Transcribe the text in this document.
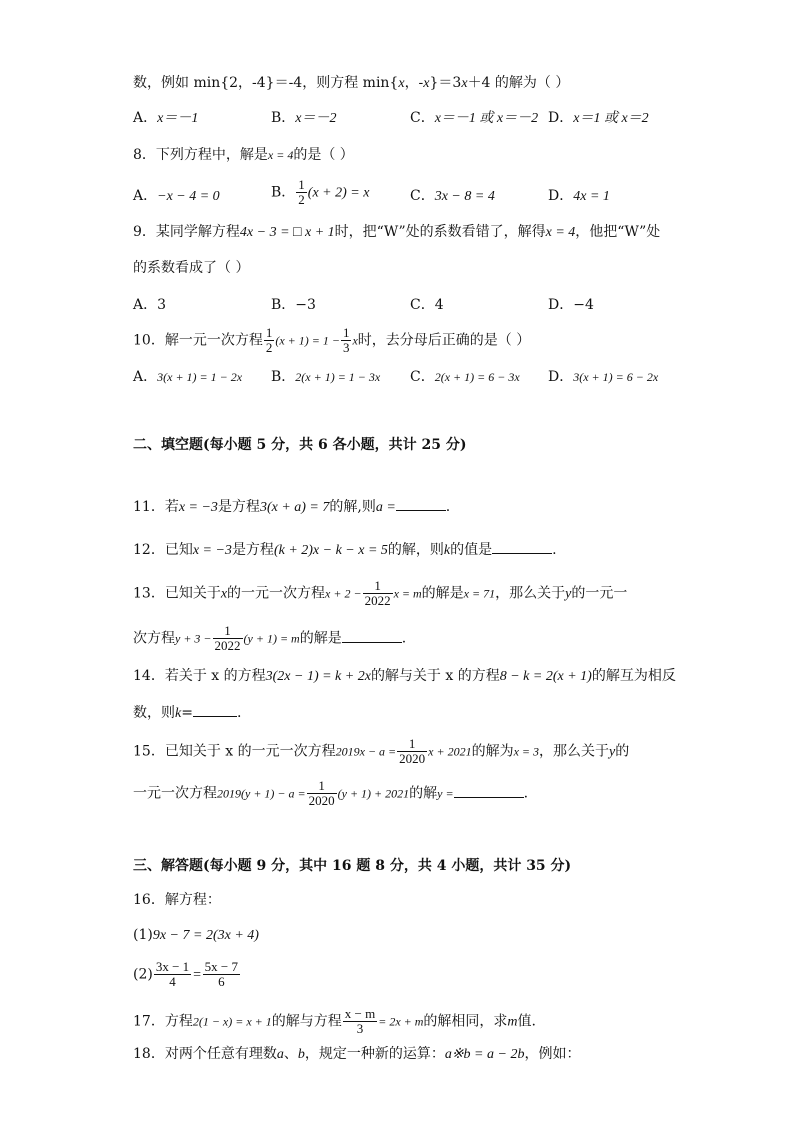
数，例如 min{2，-4}＝-4，则方程 min{x，-x}＝3x＋4 的解为（ ）
A．x＝－1	B．x＝－2	C．x＝－1 或 x＝－2 D．x＝1 或 x＝2
8．下列方程中，解是x = 4的是（ ）
A．−x − 4 = 0	B． $\frac{1}{2} (x + 2) = x$	C．3x − 8 = 4	D．4x = 1
9．某同学解方程4x − 3 = □ x + 1时，把“W”处的系数看错了，解得x = 4，他把“W”处
的系数看成了（ ）
A．3	B．−3	C．4	D．−4
10．解一元一次方程 $\frac{1}{2} (x + 1) = 1 - \frac{1}{3}$ x时，去分母后正确的是（ ）
A．3(x + 1) = 1 − 2x B．2(x + 1) = 1 − 3x C．2(x + 1) = 6 − 3x D．3(x + 1) = 6 − 2x
二、填空题(每小题 5 分，共 6 各小题，共计 25 分)
11．若x = −3是方程3(x + a) = 7的解,则a =	.
12．已知x = −3是方程(k + 2)x − k − x = 5的解，则k的值是	.
13．已知关于x的一元一次方程$x + 2 - \frac{1}{2022}$ x = m的解是x = 71，那么关于y的一元一
次方程$y + 3 - \frac{1}{2022} (y + 1) = m$的解是	.
14．若关于 x 的方程3(2x − 1) = k + 2x的解与关于 x 的方程8 − k = 2(x + 1)的解互为相反
数，则k=	.
15．已知关于 x 的一元一次方程$2019x - a = \frac{1}{2020}$ x + 2021的解为x = 3，那么关于y的
一元一次方程$2019(y + 1) - a = \frac{1}{2020} (y + 1) + 2021$的解y =	.
三、解答题(每小题 9 分，其中 16 题 8 分，共 4 小题，共计 35 分)
16．解方程：
(1)9x − 7 = 2(3x + 4)
$(2) \frac{3x - 1}{4} = \frac{5x - 7}{6}$
17．方程2(1 − x) = x + 1的解与方程 $\frac{x - m}{3} = 2x + m$的解相同，求m值.
18．对两个任意有理数a、b，规定一种新的运算：a※b = a − 2b，例如：
